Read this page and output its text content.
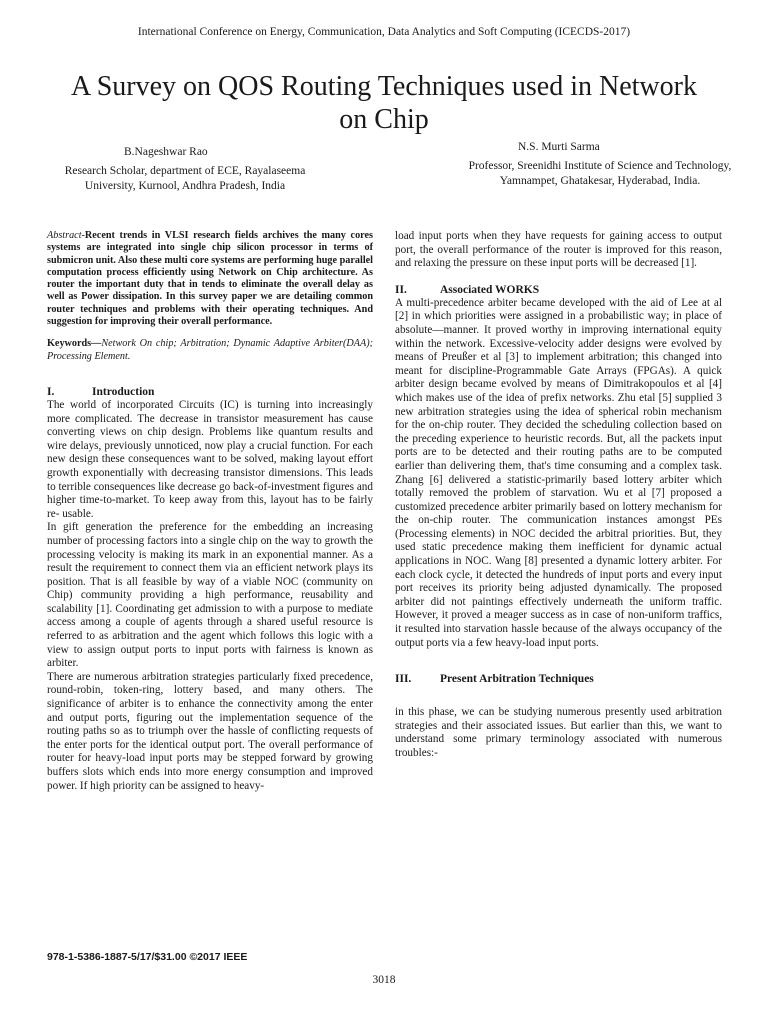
International Conference on Energy, Communication, Data Analytics and Soft Computing (ICECDS-2017)
A Survey on QOS Routing Techniques used in Network on Chip
B.Nageshwar Rao
Research Scholar, department of ECE, Rayalaseema University, Kurnool, Andhra Pradesh, India
N.S. Murti Sarma
Professor, Sreenidhi Institute of Science and Technology, Yamnampet, Ghatakesar, Hyderabad, India.

Abstract-Recent trends in VLSI research fields archives the many cores systems are integrated into single chip silicon processor in terms of submicron unit. Also these multi core systems are performing huge parallel computation process efficiently using Network on Chip architecture. As router the important duty that in tends to eliminate the overall delay as well as Power dissipation. In this survey paper we are detailing common router techniques and problems with their operating techniques. And suggestion for improving their overall performance.

Keywords—Network On chip; Arbitration; Dynamic Adaptive Arbiter(DAA); Processing Element.

I.	Introduction

The world of incorporated Circuits (IC) is turning into increasingly more complicated. The decrease in transistor measurement has cause converting views on chip design. Problems like quantum results and wire delays, previously unnoticed, now play a crucial function. For each new design these consequences want to be solved, making layout effort growth exponentially with decreasing transistor dimensions. This leads to terrible consequences like decrease go back-of-investment figures and higher time-to-market. To keep away from this, layout has to be fairly re- usable.

In gift generation the preference for the embedding an increasing number of processing factors into a single chip on the way to growth the processing velocity is making its mark in an exponential manner. As a result the requirement to connect them via an efficient network plays its position. That is all feasible by way of a viable NOC (community on Chip) community providing a high performance, reusability and scalability [1]. Coordinating get admission to with a purpose to mediate access among a couple of agents through a shared useful resource is referred to as arbitration and the agent which follows this logic with a view to assign output ports to input ports with fairness is known as arbiter.

There are numerous arbitration strategies particularly fixed precedence, round-robin, token-ring, lottery based, and many others. The significance of arbiter is to enhance the connectivity among the enter and output ports, figuring out the implementation sequence of the routing paths so as to triumph over the hassle of conflicting requests of the enter ports for the identical output port. The overall performance of router for heavy-load input ports may be stepped forward by growing buffers slots which ends into more energy consumption and improved power. If high priority can be assigned to heavy-

load input ports when they have requests for gaining access to output port, the overall performance of the router is improved for this reason, and relaxing the pressure on these input ports will be decreased [1].

II.	Associated WORKS

A multi-precedence arbiter became developed with the aid of Lee at al [2] in which priorities were assigned in a probabilistic way; in place of absolute—manner. It proved worthy in improving international equity within the network. Excessive-velocity adder designs were evolved by means of Preußer et al [3] to implement arbitration; this changed into meant for discipline-Programmable Gate Arrays (FPGAs). A quick arbiter design became evolved by means of Dimitrakopoulos et al [4] which makes use of the idea of prefix networks. Zhu etal [5] supplied 3 new arbitration strategies using the idea of spherical robin mechanism for the on-chip router. They decided the scheduling collection based on the preceding experience to heuristic records. But, all the packets input ports are to be detected and their routing paths are to be computed earlier than delivering them, that's time consuming and a complex task. Zhang [6] delivered a statistic-primarily based lottery arbiter which totally removed the problem of starvation. Wu et al [7] proposed a customized precedence arbiter primarily based on lottery mechanism for the on-chip router. The communication instances amongst PEs (Processing elements) in NOC decided the arbitral priorities. But, they used static precedence making them inefficient for dynamic actual applications in NOC. Wang [8] presented a dynamic lottery arbiter. For each clock cycle, it detected the hundreds of input ports and every input port receives its priority being adjusted dynamically. The proposed arbiter did not paintings effectively underneath the uniform traffic. However, it proved a meager success as in case of non-uniform traffics, it resulted into starvation hassle because of the always occupancy of the output ports via a few heavy-load input ports.

III. Present Arbitration Techniques

in this phase, we can be studying numerous presently used arbitration strategies and their associated issues. But earlier than this, we want to understand some primary terminology associated with numerous troubles:-

978-1-5386-1887-5/17/$31.00 ©2017 IEEE
3018
